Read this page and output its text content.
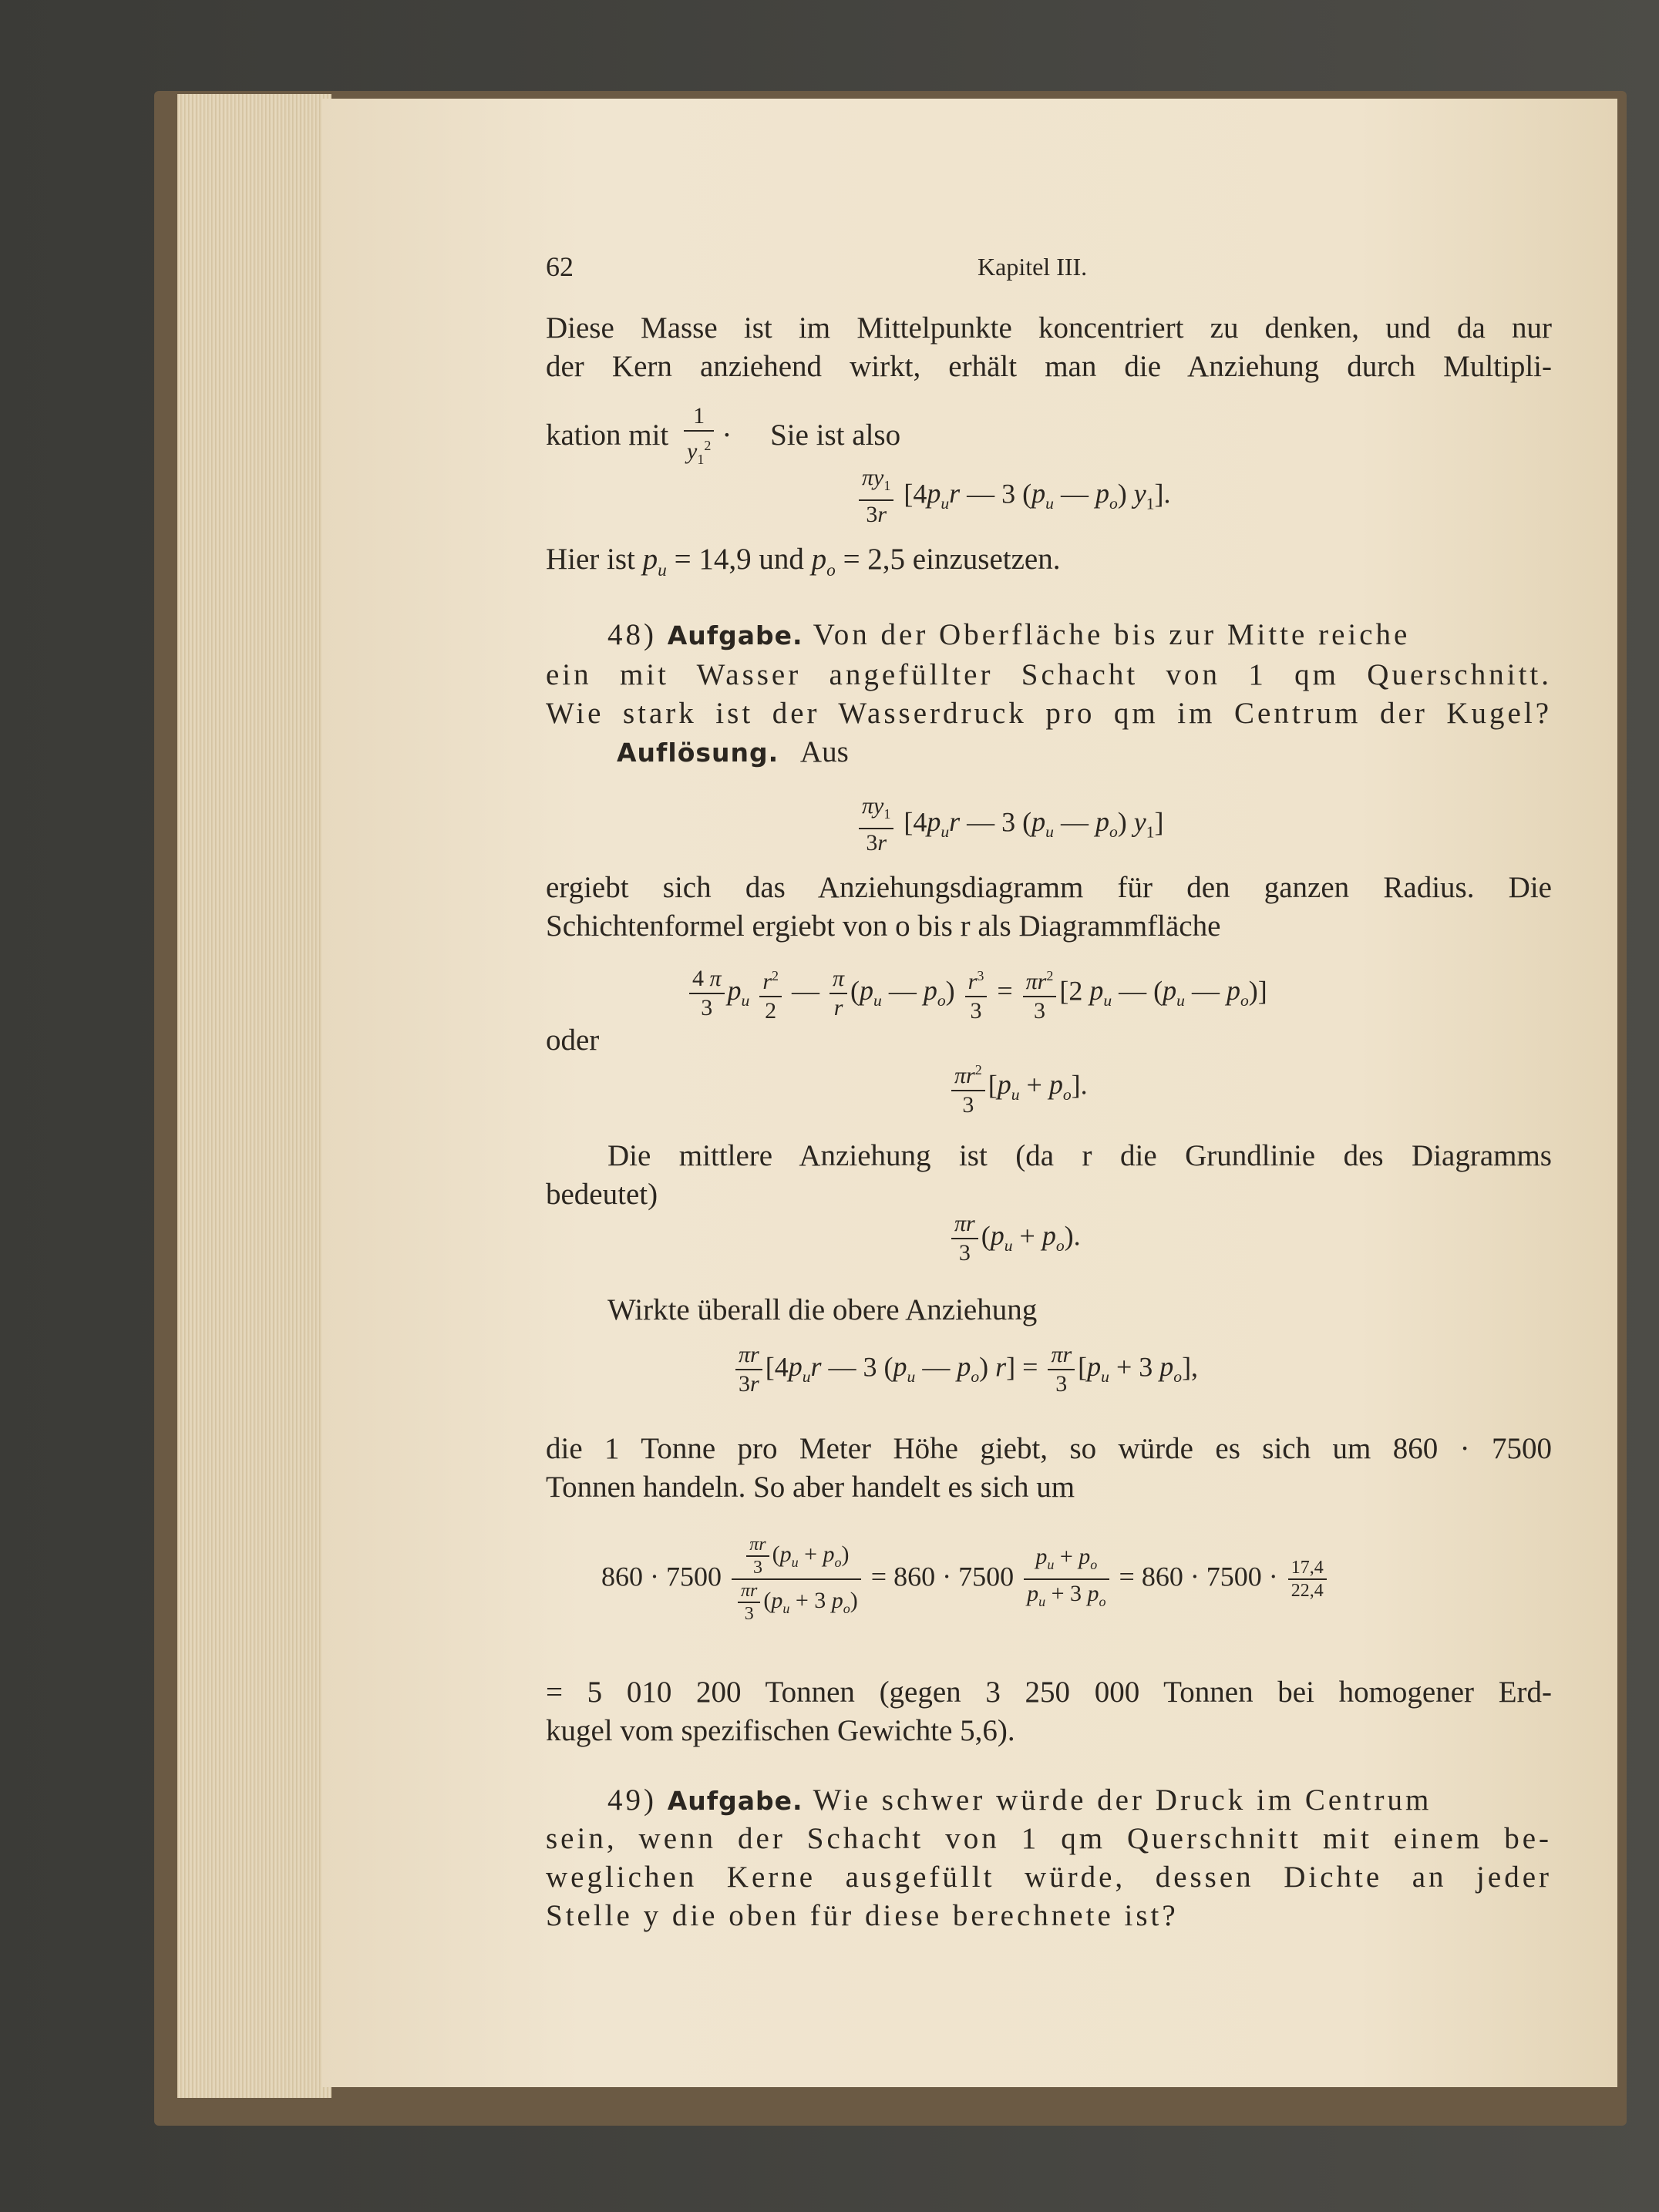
62	Kapitel III.
Diese Masse ist im Mittelpunkte koncentriert zu denken, und da nur
der Kern anziehend wirkt, erhält man die Anziehung durch Multipli-
kation mit $\frac{1}{y_1^2}$ · Sie ist also
$\frac{\pi y_1}{3r} [4p_ur$ — 3 ($p_u$ — $p_o$) $y_1$].
Hier ist $p_u = 14,9$ und $p_o = 2,5$ einzusetzen.
48) Aufgabe. Von der Oberfläche bis zur Mitte reiche
ein mit Wasser angefüllter Schacht von 1 qm Querschnitt.
Wie stark ist der Wasserdruck pro qm im Centrum der Kugel?
Auflösung. Aus
$\frac{\pi y_1}{3r} [4p_ur$ — 3 ($p_u$ — $p_o$) $y_1$]
ergiebt sich das Anziehungsdiagramm für den ganzen Radius. Die
Schichtenformel ergiebt von o bis r als Diagrammfläche
$\frac{4 \pi}{3} p_u \frac{r^2}{2}$ — $\frac{\pi}{r} (p_u$ — $p_o) \frac{r^3}{3} = \frac{\pi r^2}{3} [2$ $p_u$ — ($p_u$ — $p_o$)]
oder
$\frac{\pi r^2}{3} [p_u + p_o]$.
Die mittlere Anziehung ist (da r die Grundlinie des Diagramms
bedeutet)
$\frac{\pi r}{3} (p_u + p_o)$.
Wirkte überall die obere Anziehung
$\frac{\pi r}{3r} [4p_ur$ — 3 ($p_u$ — $p_o$) $r] = \frac{\pi r}{3} [p_u + 3$ $p_o$],
die 1 Tonne pro Meter Höhe giebt, so würde es sich um 860 · 7500
Tonnen handeln. So aber handelt es sich um
$860 \cdot 7500 \frac{\frac{\pi r}{3} (p_u + p_o)}{\frac{\pi r}{3} (p_u + 3 p_o)} = 860 \cdot 7500 \frac{p_u + p_o}{p_u + 3 p_o} = 860 \cdot 7500 \cdot \frac{17,4}{22,4}$
= 5 010 200 Tonnen (gegen 3 250 000 Tonnen bei homogener Erd-
kugel vom spezifischen Gewichte 5,6).
49) Aufgabe. Wie schwer würde der Druck im Centrum
sein, wenn der Schacht von 1 qm Querschnitt mit einem be-
weglichen Kerne ausgefüllt würde, dessen Dichte an jeder
Stelle y die oben für diese berechnete ist?
